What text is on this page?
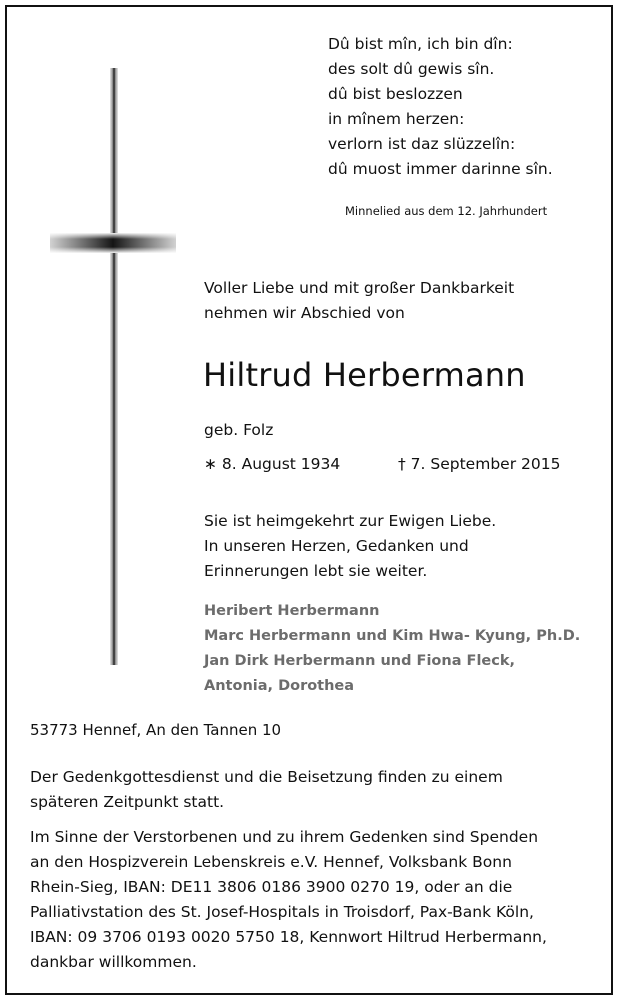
Dû bist mîn, ich bin dîn:
des solt dû gewis sîn.
dû bist beslozzen
in mînem herzen:
verlorn ist daz slüzzelîn:
dû muost immer darinne sîn.
Minnelied aus dem 12. Jahrhundert
Voller Liebe und mit großer Dankbarkeit
nehmen wir Abschied von
Hiltrud Herbermann
geb. Folz
∗ 8. August 1934	† 7. September 2015
Sie ist heimgekehrt zur Ewigen Liebe.
In unseren Herzen, Gedanken und
Erinnerungen lebt sie weiter.
Heribert Herbermann
Marc Herbermann und Kim Hwa- Kyung, Ph.D.
Jan Dirk Herbermann und Fiona Fleck,
Antonia, Dorothea
53773 Hennef, An den Tannen 10
Der Gedenkgottesdienst und die Beisetzung finden zu einem
späteren Zeitpunkt statt.
Im Sinne der Verstorbenen und zu ihrem Gedenken sind Spenden
an den Hospizverein Lebenskreis e.V. Hennef, Volksbank Bonn
Rhein-Sieg, IBAN: DE11 3806 0186 3900 0270 19, oder an die
Palliativstation des St. Josef-Hospitals in Troisdorf, Pax-Bank Köln,
IBAN: 09 3706 0193 0020 5750 18, Kennwort Hiltrud Herbermann,
dankbar willkommen.
